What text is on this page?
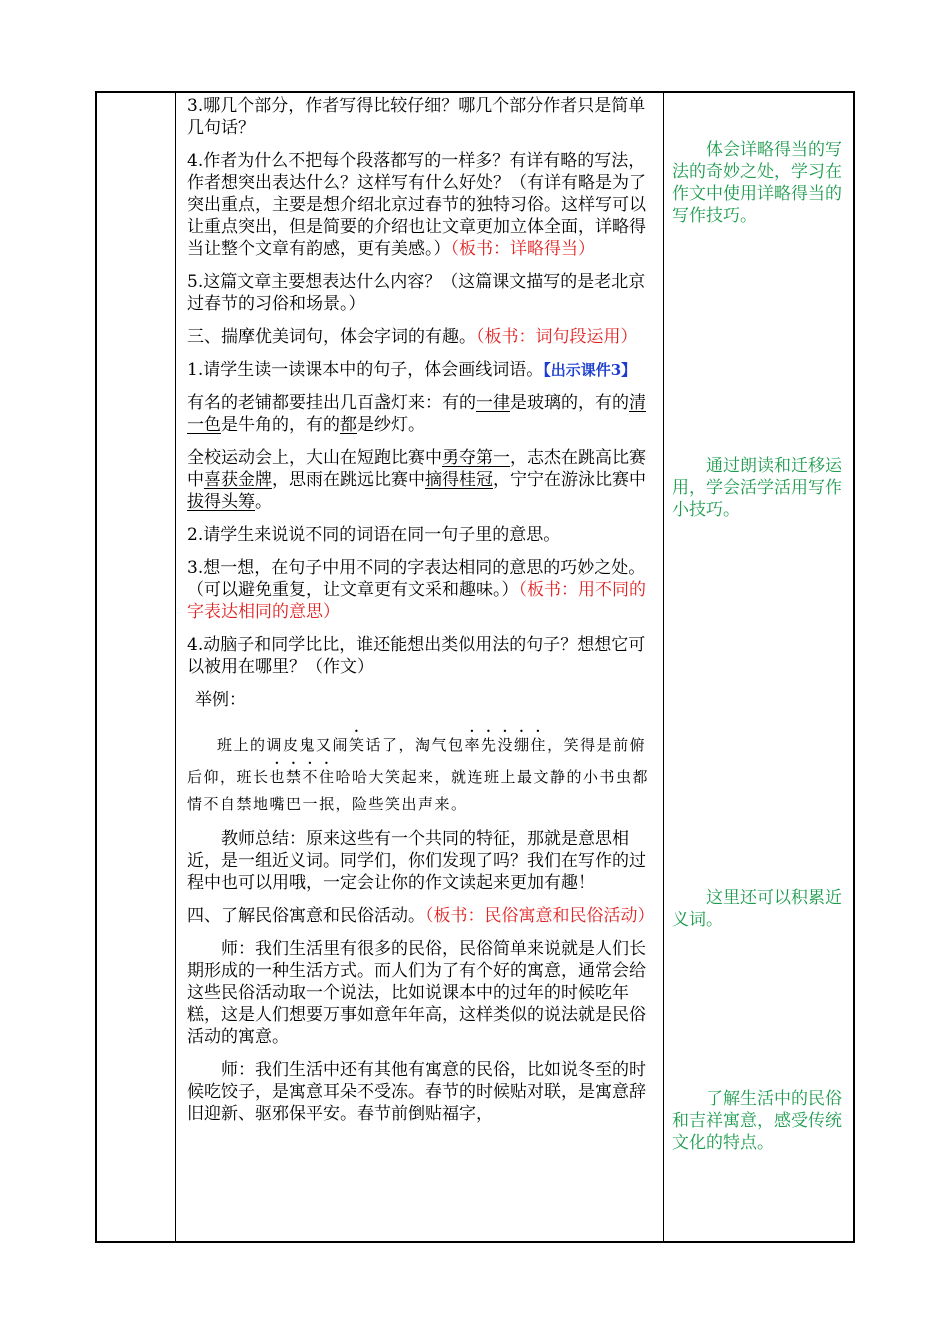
3.哪几个部分，作者写得比较仔细？哪几个部分作者只是简单几句话？

4.作者为什么不把每个段落都写的一样多？有详有略的写法，作者想突出表达什么？这样写有什么好处？（有详有略是为了突出重点，主要是想介绍北京过春节的独特习俗。这样写可以让重点突出，但是简要的介绍也让文章更加立体全面，详略得当让整个文章有韵感，更有美感。）（板书：详略得当）

5.这篇文章主要想表达什么内容？（这篇课文描写的是老北京过春节的习俗和场景。）

三、揣摩优美词句，体会字词的有趣。（板书：词句段运用）

1.请学生读一读课本中的句子，体会画线词语。【出示课件3】

有名的老铺都要挂出几百盏灯来：有的一律是玻璃的，有的清一色是牛角的，有的都是纱灯。

全校运动会上，大山在短跑比赛中勇夺第一，志杰在跳高比赛中喜获金牌，思雨在跳远比赛中摘得桂冠，宁宁在游泳比赛中拔得头筹。

2.请学生来说说不同的词语在同一句子里的意思。

3.想一想，在句子中用不同的字表达相同的意思的巧妙之处。（可以避免重复，让文章更有文采和趣味。）（板书：用不同的字表达相同的意思）

4.动脑子和同学比比，谁还能想出类似用法的句子？想想它可以被用在哪里？（作文）

举例：

班上的调皮鬼又闹笑话了，淘气包率先没绷住，笑得是前俯后仰，班长也禁不住哈哈大笑起来，就连班上最文静的小书虫都情不自禁地嘴巴一抿，险些笑出声来。

教师总结：原来这些有一个共同的特征，那就是意思相近，是一组近义词。同学们，你们发现了吗？我们在写作的过程中也可以用哦，一定会让你的作文读起来更加有趣！

四、了解民俗寓意和民俗活动。（板书：民俗寓意和民俗活动）

师：我们生活里有很多的民俗，民俗简单来说就是人们长期形成的一种生活方式。而人们为了有个好的寓意，通常会给这些民俗活动取一个说法，比如说课本中的过年的时候吃年糕，这是人们想要万事如意年年高，这样类似的说法就是民俗活动的寓意。

师：我们生活中还有其他有寓意的民俗，比如说冬至的时候吃饺子，是寓意耳朵不受冻。春节的时候贴对联，是寓意辞旧迎新、驱邪保平安。春节前倒贴福字，

体会详略得当的写法的奇妙之处，学习在作文中使用详略得当的写作技巧。

通过朗读和迁移运用，学会活学活用写作小技巧。

这里还可以积累近义词。

了解生活中的民俗和吉祥寓意，感受传统文化的特点。
